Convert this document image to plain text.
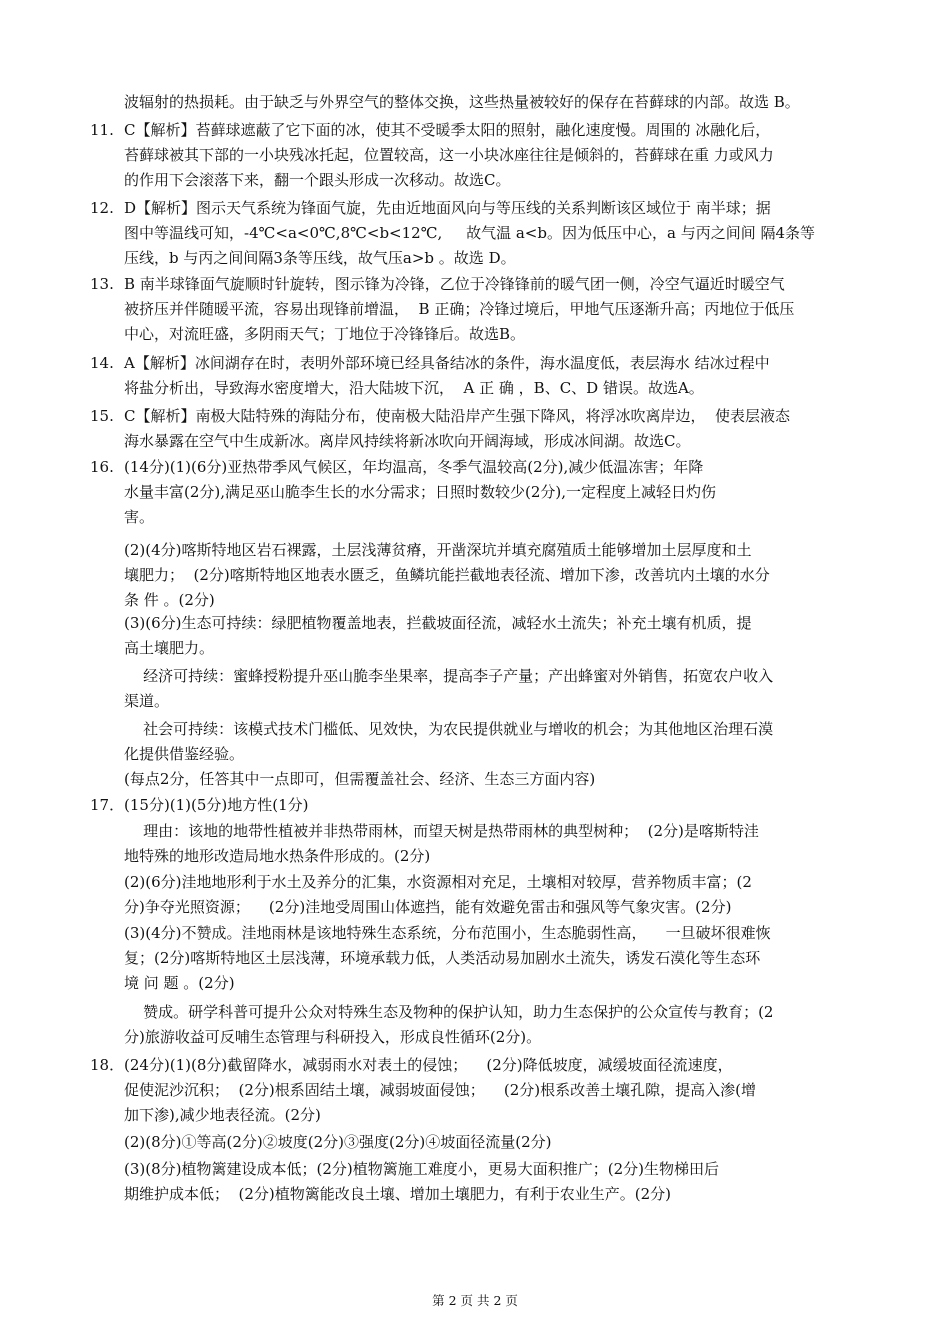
波辐射的热损耗。由于缺乏与外界空气的整体交换，这些热量被较好的保存在苔藓球的内部。故选 B。
11. C【解析】苔藓球遮蔽了它下面的冰，使其不受暖季太阳的照射，融化速度慢。周围的 冰融化后，
苔藓球被其下部的一小块残冰托起，位置较高，这一小块冰座往往是倾斜的，苔藓球在重 力或风力
的作用下会滚落下来，翻一个跟头形成一次移动。故选C。
12. D【解析】图示天气系统为锋面气旋，先由近地面风向与等压线的关系判断该区域位于 南半球；据
图中等温线可知，-4℃<a<0℃,8℃<b<12℃,     故气温 a<b。因为低压中心，a 与丙之间间 隔4条等
压线，b 与丙之间间隔3条等压线，故气压a>b 。故选 D。
13. B 南半球锋面气旋顺时针旋转，图示锋为冷锋，乙位于冷锋锋前的暖气团一侧，冷空气逼近时暖空气
被挤压并伴随暖平流，容易出现锋前增温，  B 正确；冷锋过境后，甲地气压逐渐升高；丙地位于低压
中心，对流旺盛，多阴雨天气；丁地位于冷锋锋后。故选B。
14. A【解析】冰间湖存在时，表明外部环境已经具备结冰的条件，海水温度低，表层海水 结冰过程中
将盐分析出，导致海水密度增大，沿大陆坡下沉，  A 正 确 ，B、C、D 错误。故选A。
15. C【解析】南极大陆特殊的海陆分布，使南极大陆沿岸产生强下降风，将浮冰吹离岸边，  使表层液态
海水暴露在空气中生成新冰。离岸风持续将新冰吹向开阔海域，形成冰间湖。故选C。
16. (14分)(1)(6分)亚热带季风气候区，年均温高，冬季气温较高(2分),减少低温冻害；年降
水量丰富(2分),满足巫山脆李生长的水分需求；日照时数较少(2分),一定程度上减轻日灼伤
害。
(2)(4分)喀斯特地区岩石裸露，土层浅薄贫瘠，开凿深坑并填充腐殖质土能够增加土层厚度和土
壤肥力；  (2分)喀斯特地区地表水匮乏，鱼鳞坑能拦截地表径流、增加下渗，改善坑内土壤的水分
条 件 。(2分)
(3)(6分)生态可持续：绿肥植物覆盖地表，拦截坡面径流，减轻水土流失；补充土壤有机质，提
高土壤肥力。
经济可持续：蜜蜂授粉提升巫山脆李坐果率，提高李子产量；产出蜂蜜对外销售，拓宽农户收入
渠道。
社会可持续：该模式技术门槛低、见效快，为农民提供就业与增收的机会；为其他地区治理石漠
化提供借鉴经验。
(每点2分，任答其中一点即可，但需覆盖社会、经济、生态三方面内容)
17． (15分)(1)(5分)地方性(1分)
理由：该地的地带性植被并非热带雨林，而望天树是热带雨林的典型树种；  (2分)是喀斯特洼
地特殊的地形改造局地水热条件形成的。(2分)
(2)(6分)洼地地形利于水土及养分的汇集，水资源相对充足，土壤相对较厚，营养物质丰富；(2
分)争夺光照资源；    (2分)洼地受周围山体遮挡，能有效避免雷击和强风等气象灾害。(2分)
(3)(4分)不赞成。洼地雨林是该地特殊生态系统，分布范围小，生态脆弱性高，    一旦破坏很难恢
复；(2分)喀斯特地区土层浅薄，环境承载力低，人类活动易加剧水土流失，诱发石漠化等生态环
境 问 题 。(2分)
赞成。研学科普可提升公众对特殊生态及物种的保护认知，助力生态保护的公众宣传与教育；(2
分)旅游收益可反哺生态管理与科研投入，形成良性循环(2分)。
18． (24分)(1)(8分)截留降水，减弱雨水对表土的侵蚀；    (2分)降低坡度，减缓坡面径流速度，
促使泥沙沉积；  (2分)根系固结土壤，减弱坡面侵蚀；    (2分)根系改善土壤孔隙，提高入渗(增
加下渗),减少地表径流。(2分)
(2)(8分)①等高(2分)②坡度(2分)③强度(2分)④坡面径流量(2分)
(3)(8分)植物篱建设成本低；(2分)植物篱施工难度小，更易大面积推广；(2分)生物梯田后
期维护成本低；  (2分)植物篱能改良土壤、增加土壤肥力，有利于农业生产。(2分)
第 2 页 共 2 页
